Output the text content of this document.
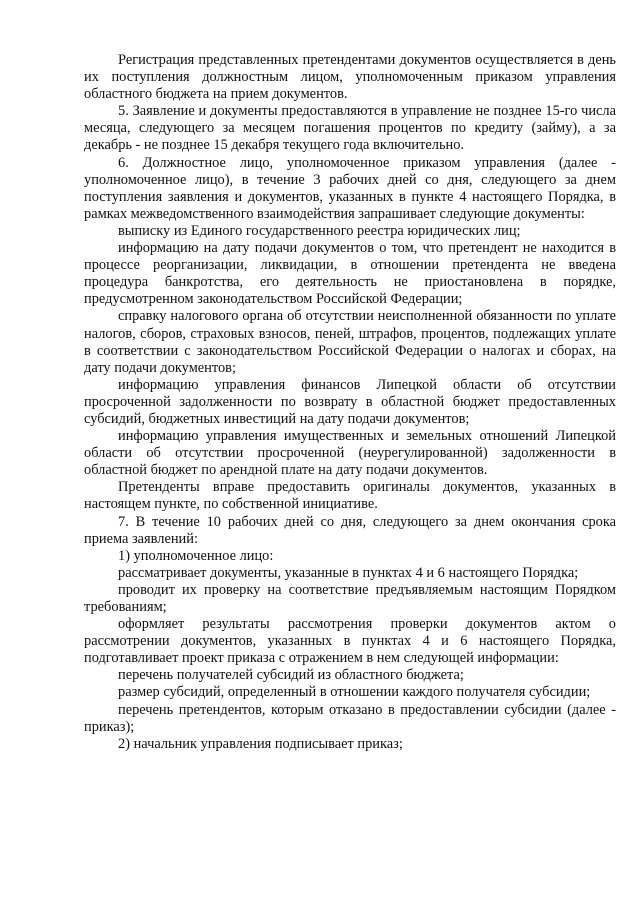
Регистрация представленных претендентами документов осуществляется в день их поступления должностным лицом, уполномоченным приказом управления областного бюджета на прием документов.

5. Заявление и документы предоставляются в управление не позднее 15-го числа месяца, следующего за месяцем погашения процентов по кредиту (займу), а за декабрь - не позднее 15 декабря текущего года включительно.

6. Должностное лицо, уполномоченное приказом управления (далее - уполномоченное лицо), в течение 3 рабочих дней со дня, следующего за днем поступления заявления и документов, указанных в пункте 4 настоящего Порядка, в рамках межведомственного взаимодействия запрашивает следующие документы:

выписку из Единого государственного реестра юридических лиц;

информацию на дату подачи документов о том, что претендент не находится в процессе реорганизации, ликвидации, в отношении претендента не введена процедура банкротства, его деятельность не приостановлена в порядке, предусмотренном законодательством Российской Федерации;

справку налогового органа об отсутствии неисполненной обязанности по уплате налогов, сборов, страховых взносов, пеней, штрафов, процентов, подлежащих уплате в соответствии с законодательством Российской Федерации о налогах и сборах, на дату подачи документов;

информацию управления финансов Липецкой области об отсутствии просроченной задолженности по возврату в областной бюджет предоставленных субсидий, бюджетных инвестиций на дату подачи документов;

информацию управления имущественных и земельных отношений Липецкой области об отсутствии просроченной (неурегулированной) задолженности в областной бюджет по арендной плате на дату подачи документов.

Претенденты вправе предоставить оригиналы документов, указанных в настоящем пункте, по собственной инициативе.

7. В течение 10 рабочих дней со дня, следующего за днем окончания срока приема заявлений:

1) уполномоченное лицо:

рассматривает документы, указанные в пунктах 4 и 6 настоящего Порядка;

проводит их проверку на соответствие предъявляемым настоящим Порядком требованиям;

оформляет результаты рассмотрения проверки документов актом о рассмотрении документов, указанных в пунктах 4 и 6 настоящего Порядка, подготавливает проект приказа с отражением в нем следующей информации:

перечень получателей субсидий из областного бюджета;

размер субсидий, определенный в отношении каждого получателя субсидии;

перечень претендентов, которым отказано в предоставлении субсидии (далее - приказ);

2) начальник управления подписывает приказ;
